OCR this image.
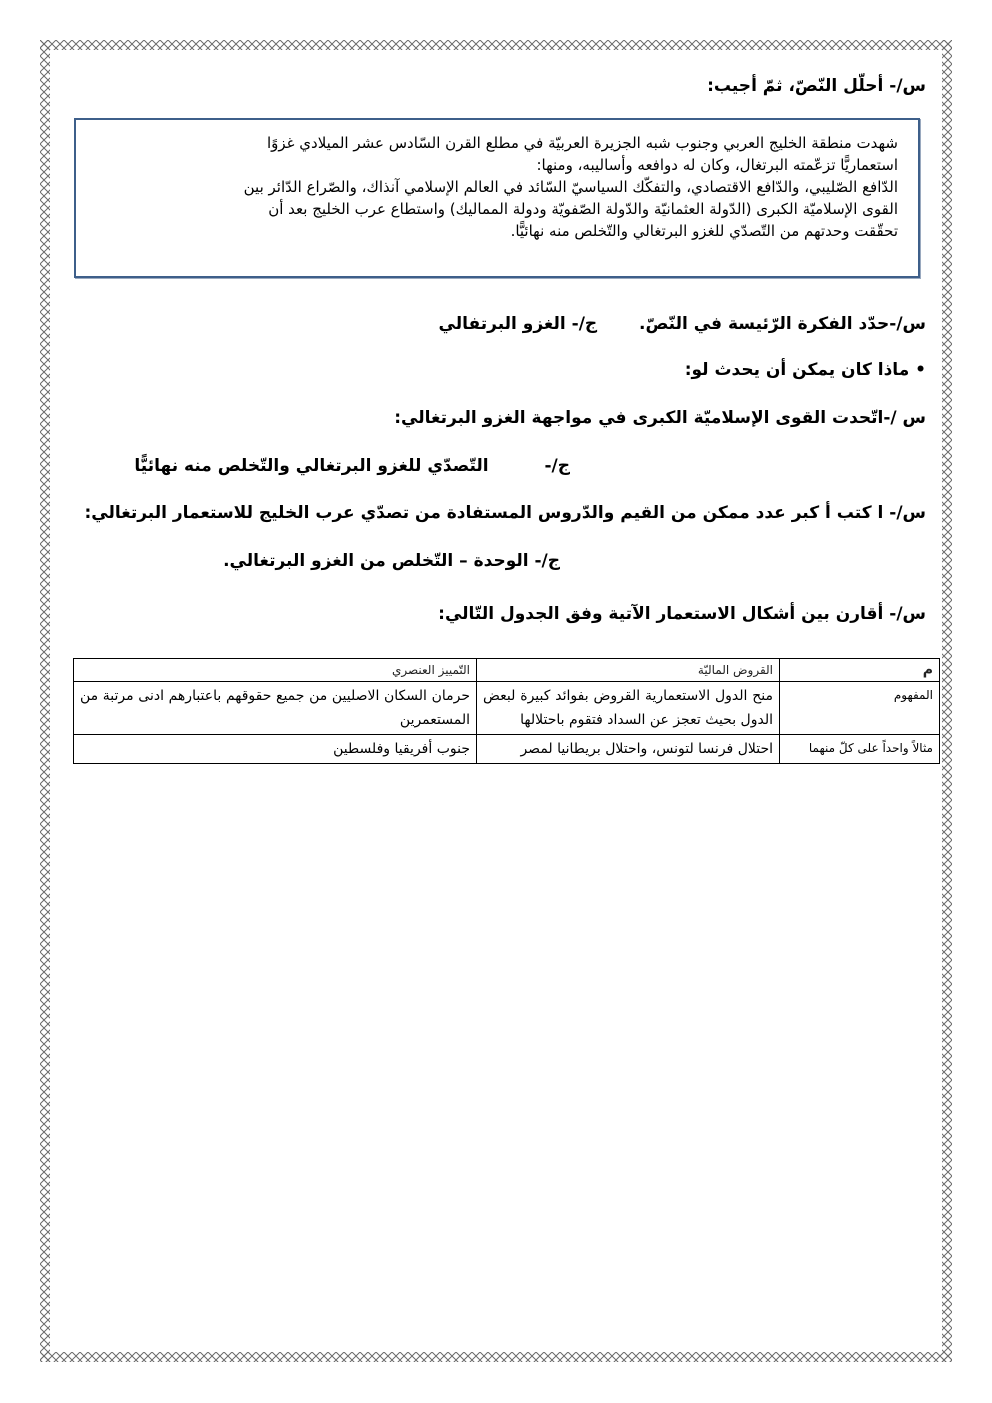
س/- أحلّل النّصّ، ثمّ أجيب:

شهدت منطقة الخليج العربي وجنوب شبه الجزيرة العربيّة في مطلع القرن السّادس عشر الميلادي غزوًا

استعماريًّا تزعّمته البرتغال، وكان له دوافعه وأساليبه، ومنها:

الدّافع الصّليبي، والدّافع الاقتصادي، والتفكّك السياسيّ السّائد في العالم الإسلامي آنذاك، والصّراع الدّائر بين

القوى الإسلاميّة الكبرى (الدّولة العثمانيّة والدّولة الصّفويّة ودولة المماليك) واستطاع عرب الخليج بعد أن

تحقّقت وحدتهم من التّصدّي للغزو البرتغالي والتّخلص منه نهائيًّا.

س/-حدّد الفكرة الرّئيسة في النّصّ.  ج/- الغزو البرتفالي
• ماذا كان يمكن أن يحدث لو:
س /-اتّحدت القوى الإسلاميّة الكبرى في مواجهة الغزو البرتغالي:
ج/-  التّصدّي للغزو البرتغالي والتّخلص منه نهائيًّا
س/- ا كتب أ كبر عدد ممكن من القيم والدّروس المستفادة من تصدّي عرب الخليج للاستعمار البرتغالي:
ج/- الوحدة – التّخلص من الغزو البرتغالي.
س/- أقارن بين أشكال الاستعمار الآتية وفق الجدول التّالي:
م	القروض الماليّة	التّمييز العنصري
المفهوم	منح الدول الاستعمارية القروض بفوائد كبيرة لبعض الدول بحيث تعجز عن السداد فتقوم باحتلالها	حرمان السكان الاصليين من جميع حقوقهم باعتبارهم ادنى مرتبة من المستعمرين
مثالاً واحداً على كلّ منهما	احتلال فرنسا لتونس، واحتلال بريطانيا لمصر	جنوب أفريقيا وفلسطين
